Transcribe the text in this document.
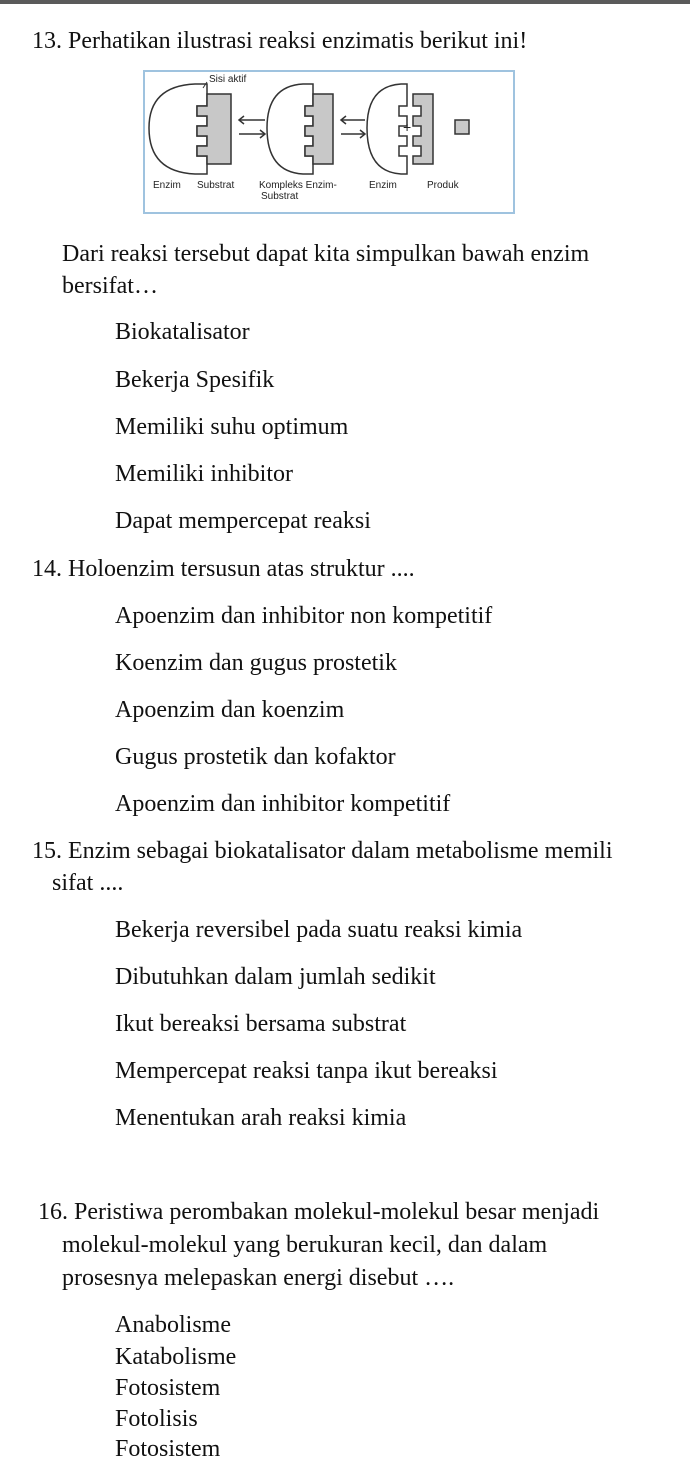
13. Perhatikan ilustrasi reaksi enzimatis berikut ini!
Sisi aktif
+
Enzim Substrat Kompleks Enzim-
Substrat
Enzim	Produk
Dari reaksi tersebut dapat kita simpulkan bawah enzim
bersifat…
Biokatalisator
Bekerja Spesifik
Memiliki suhu optimum
Memiliki inhibitor
Dapat mempercepat reaksi
14. Holoenzim tersusun atas struktur ....
Apoenzim dan inhibitor non kompetitif
Koenzim dan gugus prostetik
Apoenzim dan koenzim
Gugus prostetik dan kofaktor
Apoenzim dan inhibitor kompetitif
15. Enzim sebagai biokatalisator dalam metabolisme memili
sifat ....
Bekerja reversibel pada suatu reaksi kimia
Dibutuhkan dalam jumlah sedikit
Ikut bereaksi bersama substrat
Mempercepat reaksi tanpa ikut bereaksi
Menentukan arah reaksi kimia
16. Peristiwa perombakan molekul-molekul besar menjadi
molekul-molekul yang berukuran kecil, dan dalam
prosesnya melepaskan energi disebut ….
Anabolisme
Katabolisme
Fotosistem
Fotolisis
Fotosistem
